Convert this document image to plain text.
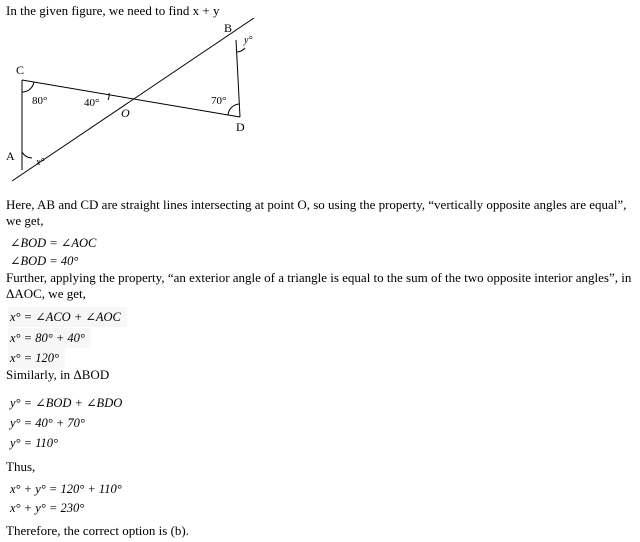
In the given figure, we need to find x + y
C
A
B
D
O
80°	40°	70°
x°
y°
Here, AB and CD are straight lines intersecting at point O, so using the property, “vertically opposite angles are equal”, we get,
∠BOD = ∠AOC
∠BOD = 40°
Further, applying the property, “an exterior angle of a triangle is equal to the sum of the two opposite interior angles”, in ΔAOC, we get,
x° = ∠ACO + ∠AOC
x° = 80° + 40°
x° = 120°
Similarly, in ΔBOD
y° = ∠BOD + ∠BDO
y° = 40° + 70°
y° = 110°
Thus,
x° + y° = 120° + 110°
x° + y° = 230°
Therefore, the correct option is (b).
